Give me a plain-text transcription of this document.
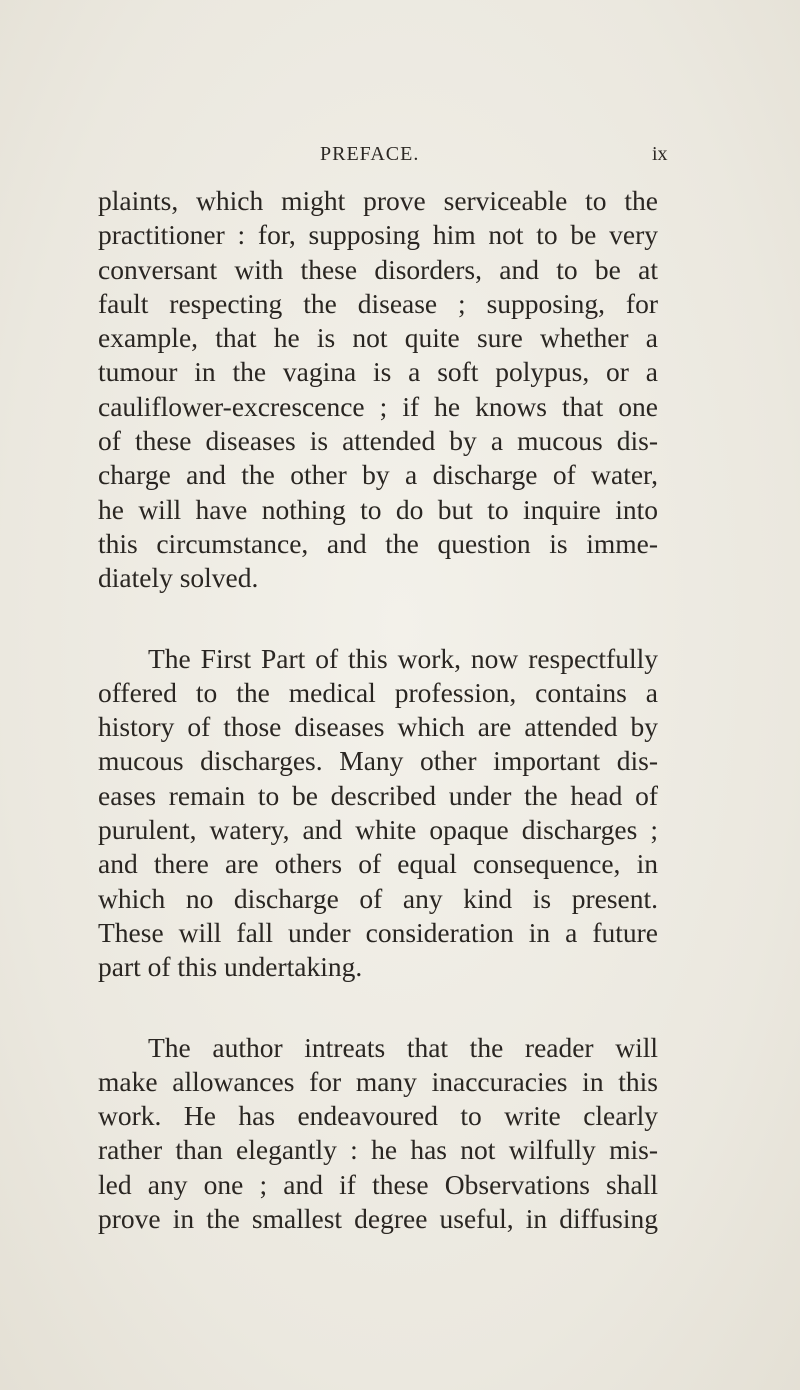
PREFACE.	ix
plaints, which might prove serviceable to the
practitioner : for, supposing him not to be very
conversant with these disorders, and to be at
fault respecting the disease ; supposing, for
example, that he is not quite sure whether a
tumour in the vagina is a soft polypus, or a
cauliflower-excrescence ; if he knows that one
of these diseases is attended by a mucous dis-
charge and the other by a discharge of water,
he will have nothing to do but to inquire into
this circumstance, and the question is imme-
diately solved.
The First Part of this work, now respectfully
offered to the medical profession, contains a
history of those diseases which are attended by
mucous discharges. Many other important dis-
eases remain to be described under the head of
purulent, watery, and white opaque discharges ;
and there are others of equal consequence, in
which no discharge of any kind is present.
These will fall under consideration in a future
part of this undertaking.
The author intreats that the reader will
make allowances for many inaccuracies in this
work. He has endeavoured to write clearly
rather than elegantly : he has not wilfully mis-
led any one ; and if these Observations shall
prove in the smallest degree useful, in diffusing
